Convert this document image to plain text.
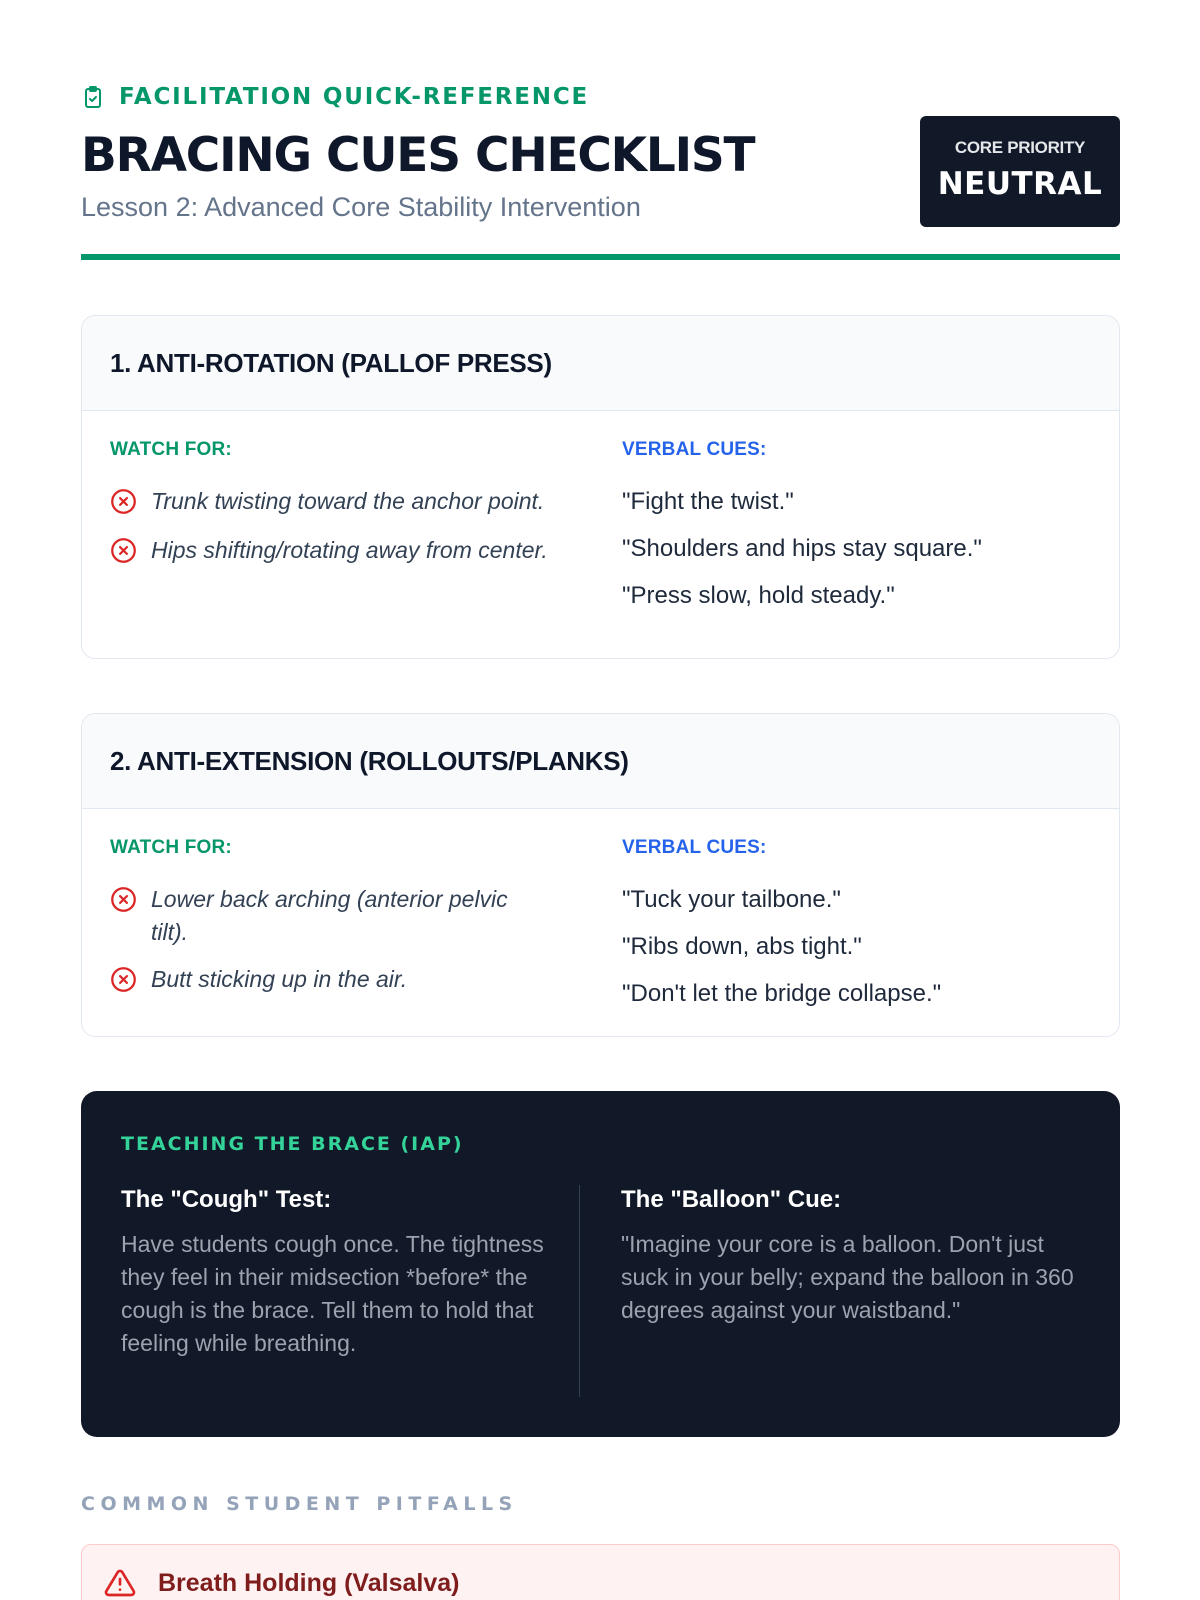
FACILITATION QUICK-REFERENCE
BRACING CUES CHECKLIST
Lesson 2: Advanced Core Stability Intervention
CORE PRIORITY
NEUTRAL
1. ANTI-ROTATION (PALLOF PRESS)
WATCH FOR:
Trunk twisting toward the anchor point.
Hips shifting/rotating away from center.
VERBAL CUES:
"Fight the twist."
"Shoulders and hips stay square."
"Press slow, hold steady."
2. ANTI-EXTENSION (ROLLOUTS/PLANKS)
WATCH FOR:
Lower back arching (anterior pelvic tilt).
Butt sticking up in the air.
VERBAL CUES:
"Tuck your tailbone."
"Ribs down, abs tight."
"Don't let the bridge collapse."
TEACHING THE BRACE (IAP)
The "Cough" Test:

Have students cough once. The tightness they feel in their midsection *before* the cough is the brace. Tell them to hold that feeling while breathing.

The "Balloon" Cue:

"Imagine your core is a balloon. Don't just suck in your belly; expand the balloon in 360 degrees against your waistband."

COMMON STUDENT PITFALLS
Breath Holding (Valsalva)
